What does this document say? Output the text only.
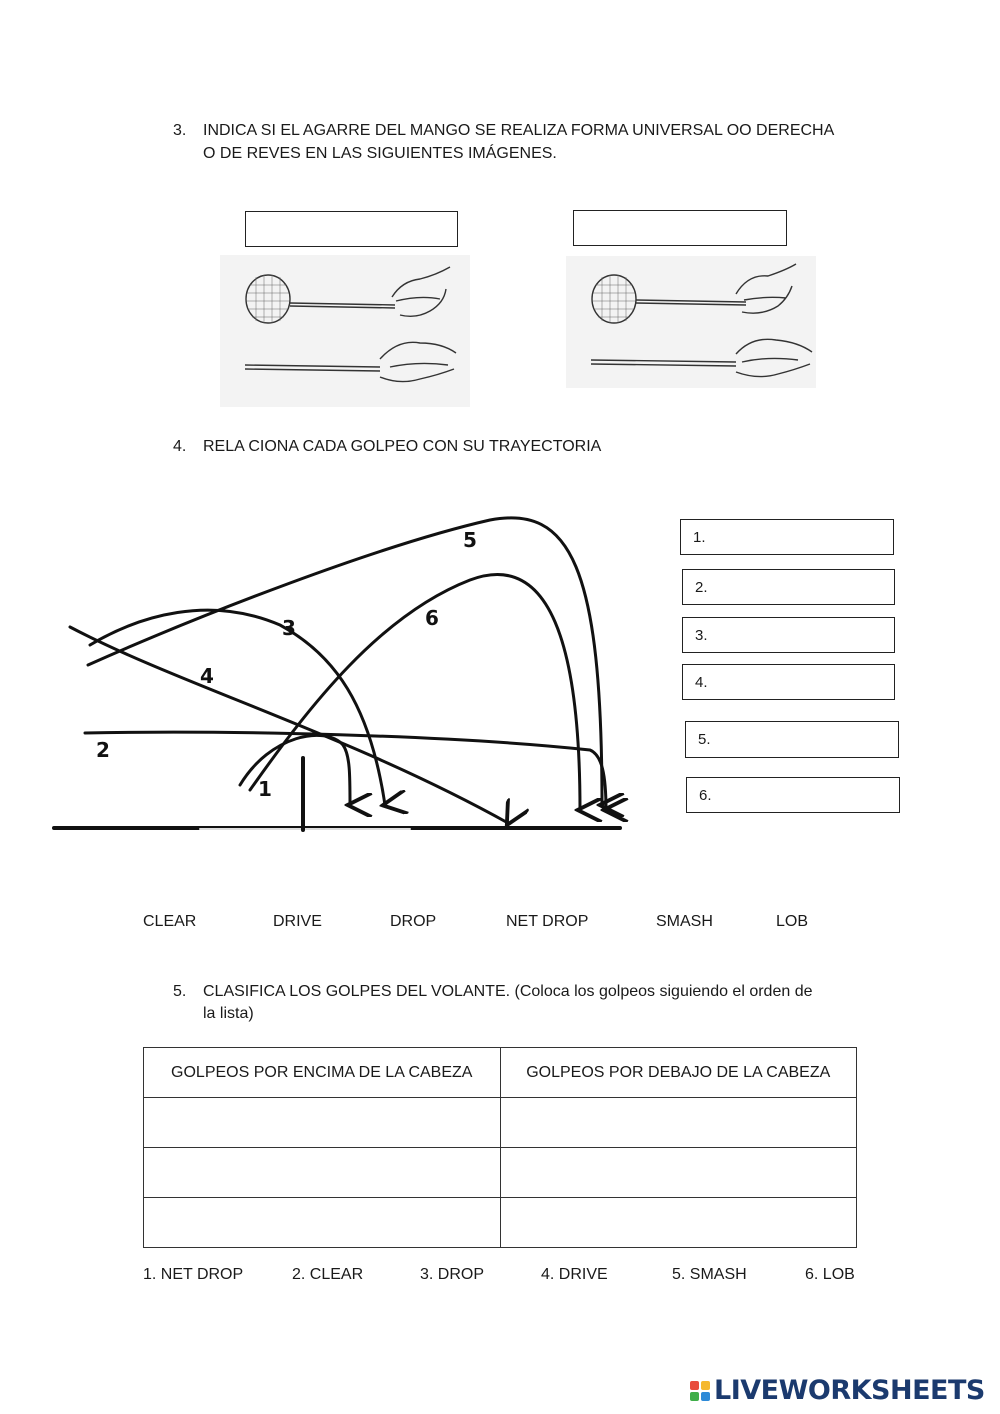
3. INDICA SI EL AGARRE DEL MANGO SE REALIZA FORMA UNIVERSAL OO DERECHA
O DE REVES EN LAS SIGUIENTES IMÁGENES.
4. RELA CIONA CADA GOLPEO CON SU TRAYECTORIA
1
2
3
4
5
6
1.
2.
3.
4.
5.
6.
CLEAR	DRIVE	DROP	NET DROP	SMASH	LOB
5. CLASIFICA LOS GOLPES DEL VOLANTE. (Coloca los golpeos siguiendo el orden de
la lista)
GOLPEOS POR ENCIMA DE LA CABEZA	GOLPEOS POR DEBAJO DE LA CABEZA

1. NET DROP	2. CLEAR	3. DROP	4. DRIVE	5. SMASH	6. LOB
LIVEWORKSHEETS
